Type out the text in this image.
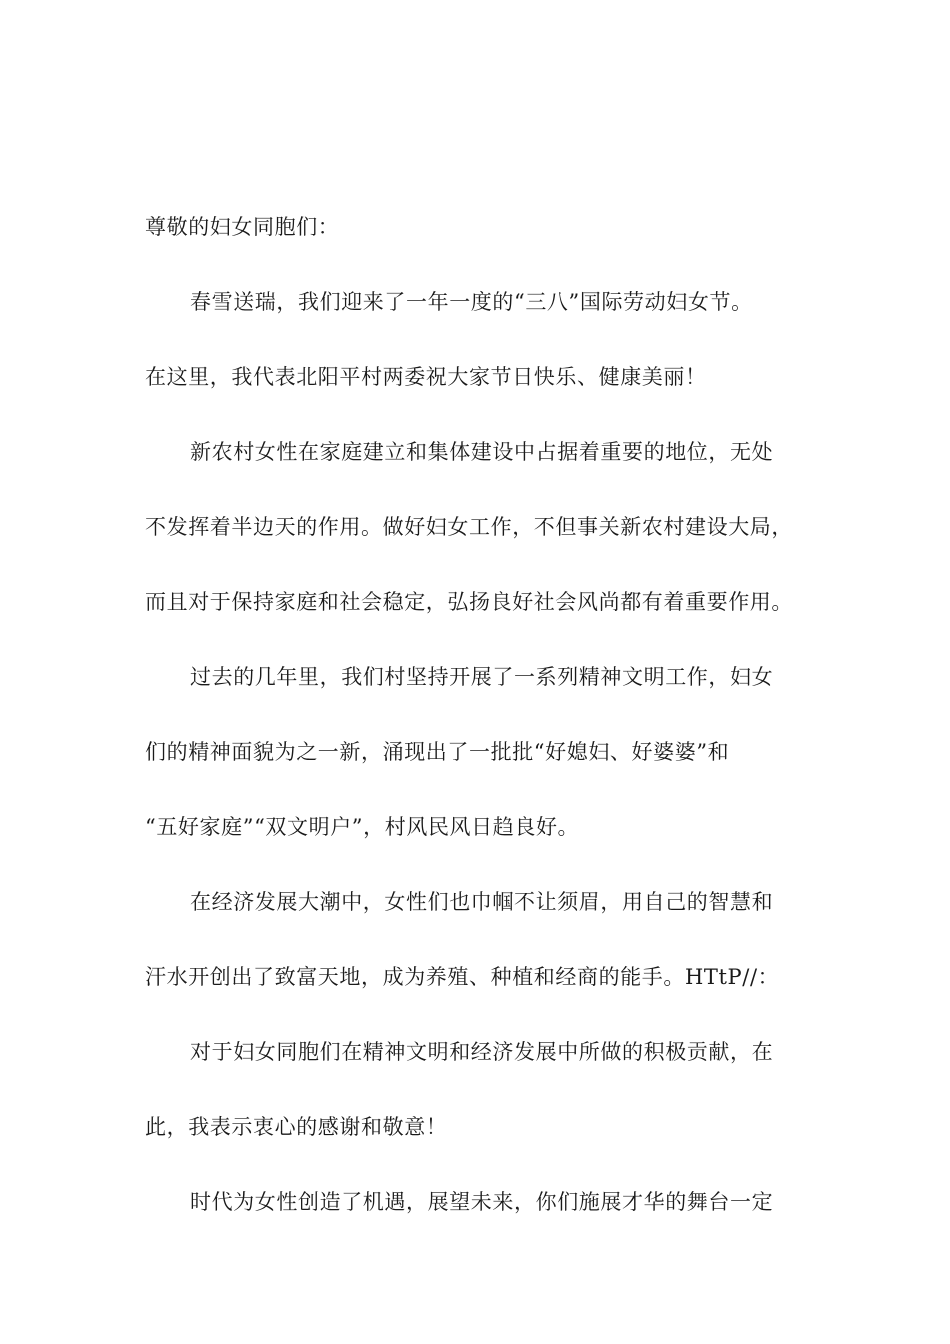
尊敬的妇女同胞们：
春雪送瑞，我们迎来了一年一度的“三八”国际劳动妇女节。
在这里，我代表北阳平村两委祝大家节日快乐、健康美丽！
新农村女性在家庭建立和集体建设中占据着重要的地位，无处
不发挥着半边天的作用。做好妇女工作，不但事关新农村建设大局，
而且对于保持家庭和社会稳定，弘扬良好社会风尚都有着重要作用。
过去的几年里，我们村坚持开展了一系列精神文明工作，妇女
们的精神面貌为之一新，涌现出了一批批“好媳妇、好婆婆”和
“五好家庭”“双文明户”，村风民风日趋良好。
在经济发展大潮中，女性们也巾帼不让须眉，用自己的智慧和
汗水开创出了致富天地，成为养殖、种植和经商的能手。HTtP//：
对于妇女同胞们在精神文明和经济发展中所做的积极贡献，在
此，我表示衷心的感谢和敬意！
时代为女性创造了机遇，展望未来，你们施展才华的舞台一定
